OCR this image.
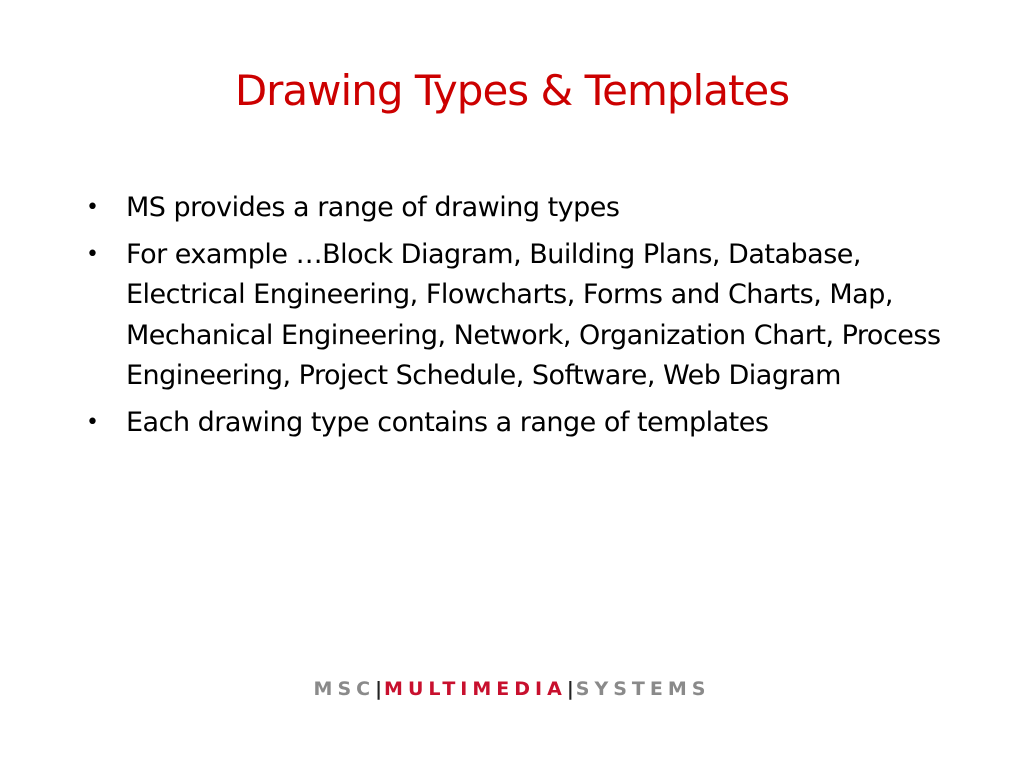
Drawing Types & Templates
• MS provides a range of drawing types
• For example …Block Diagram, Building Plans, Database, Electrical Engineering, Flowcharts, Forms and Charts, Map, Mechanical Engineering, Network, Organization Chart, Process Engineering, Project Schedule, Software, Web Diagram
• Each drawing type contains a range of templates
MSC|MULTIMEDIA|SYSTEMS
